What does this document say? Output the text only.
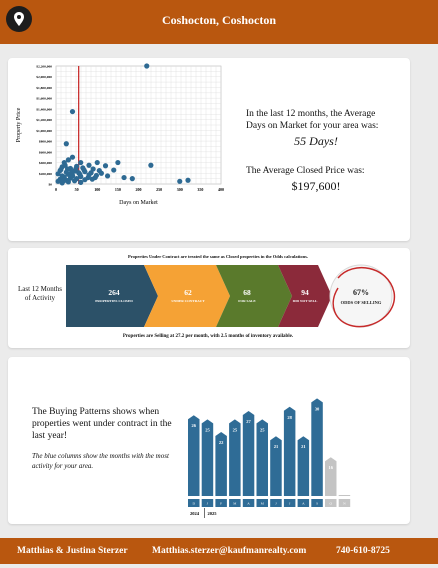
Coshocton, Coshocton
$0
$200,000
$400,000
$600,000
$800,000
$1,000,000
$1,200,000
$1,400,000
$1,600,000
$1,800,000
$2,000,000
$2,200,000
0	50	100	150	200	250	300	350	400
Days on Market
Property Price	In the last 12 months, the Average Days on Market for your area was:
55 Days!
The Average Closed Price was:
$197,600!
Properties Under Contract are treated the same as Closed properties in the Odds calculations.
Last 12 Months of Activity
264
PROPERTIES CLOSED
62
UNDER CONTRACT
68
FOR SALE
94
DID NOT SELL
67%
ODDS OF SELLING
Properties are Selling at 27.2 per month, with 2.5 months of inventory available.
The Buying Patterns shows when properties went under contract in the last year!
The blue columns show the months with the most activity for your area.
26
D
25
J
22
F
25
M
27
A
25
M
21
J
28
J
21
A
30
S
16
O	N
2024 2025
Matthias & Justina Sterzer	Matthias.sterzer@kaufmanrealty.com	740-610-8725
